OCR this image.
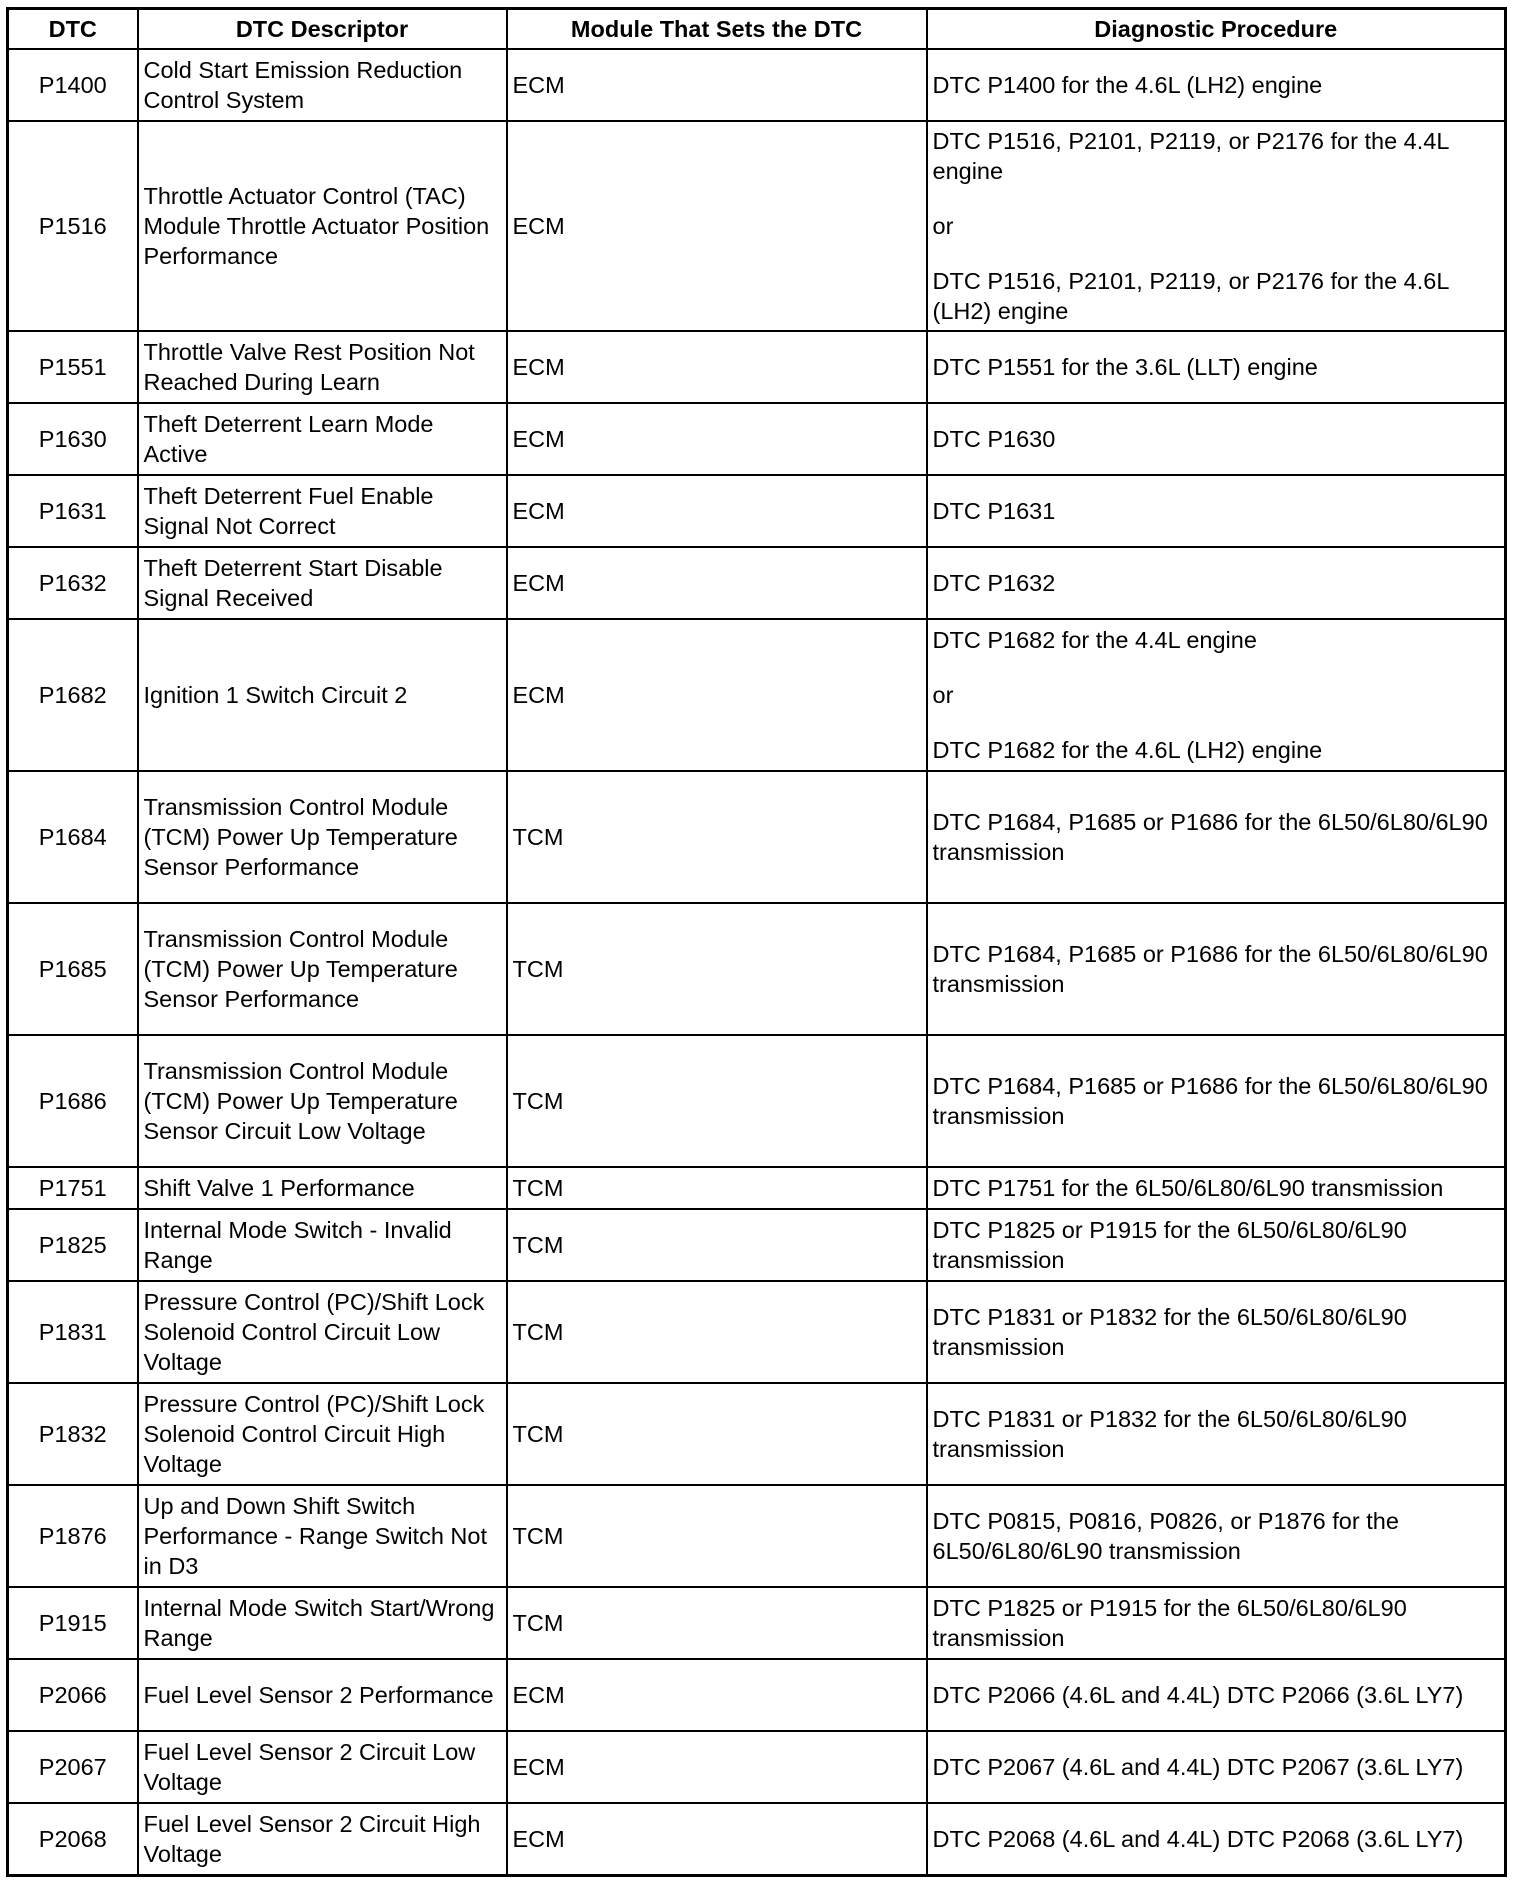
DTC	DTC Descriptor	Module That Sets the DTC	Diagnostic Procedure
P1400	Cold Start Emission Reduction Control System	ECM	DTC P1400 for the 4.6L (LH2) engine

P1516	Throttle Actuator Control (TAC) Module Throttle Actuator Position Performance	ECM	DTC P1516, P2101, P2119, or P2176 for the 4.4L engine
or
DTC P1516, P2101, P2119, or P2176 for the 4.6L (LH2) engine

P1551	Throttle Valve Rest Position Not Reached During Learn	ECM	DTC P1551 for the 3.6L (LLT) engine

P1630	Theft Deterrent Learn Mode Active	ECM	DTC P1630

P1631	Theft Deterrent Fuel Enable Signal Not Correct	ECM	DTC P1631

P1632	Theft Deterrent Start Disable Signal Received	ECM	DTC P1632

P1682	Ignition 1 Switch Circuit 2	ECM	DTC P1682 for the 4.4L engine
or
DTC P1682 for the 4.6L (LH2) engine

P1684	Transmission Control Module (TCM) Power Up Temperature Sensor Performance	TCM	DTC P1684, P1685 or P1686 for the 6L50/6L80/6L90 transmission

P1685	Transmission Control Module (TCM) Power Up Temperature Sensor Performance	TCM	DTC P1684, P1685 or P1686 for the 6L50/6L80/6L90 transmission

P1686	Transmission Control Module (TCM) Power Up Temperature Sensor Circuit Low Voltage	TCM	DTC P1684, P1685 or P1686 for the 6L50/6L80/6L90 transmission

P1751	Shift Valve 1 Performance	TCM	DTC P1751 for the 6L50/6L80/6L90 transmission

P1825	Internal Mode Switch - Invalid Range	TCM	DTC P1825 or P1915 for the 6L50/6L80/6L90 transmission

P1831	Pressure Control (PC)/Shift Lock Solenoid Control Circuit Low Voltage	TCM	DTC P1831 or P1832 for the 6L50/6L80/6L90 transmission

P1832	Pressure Control (PC)/Shift Lock Solenoid Control Circuit High Voltage	TCM	DTC P1831 or P1832 for the 6L50/6L80/6L90 transmission

P1876	Up and Down Shift Switch Performance - Range Switch Not in D3	TCM	DTC P0815, P0816, P0826, or P1876 for the 6L50/6L80/6L90 transmission

P1915	Internal Mode Switch Start/Wrong Range	TCM	DTC P1825 or P1915 for the 6L50/6L80/6L90 transmission

P2066	Fuel Level Sensor 2 Performance	ECM	DTC P2066 (4.6L and 4.4L) DTC P2066 (3.6L LY7)

P2067	Fuel Level Sensor 2 Circuit Low Voltage	ECM	DTC P2067 (4.6L and 4.4L) DTC P2067 (3.6L LY7)

P2068	Fuel Level Sensor 2 Circuit High Voltage	ECM	DTC P2068 (4.6L and 4.4L) DTC P2068 (3.6L LY7)
